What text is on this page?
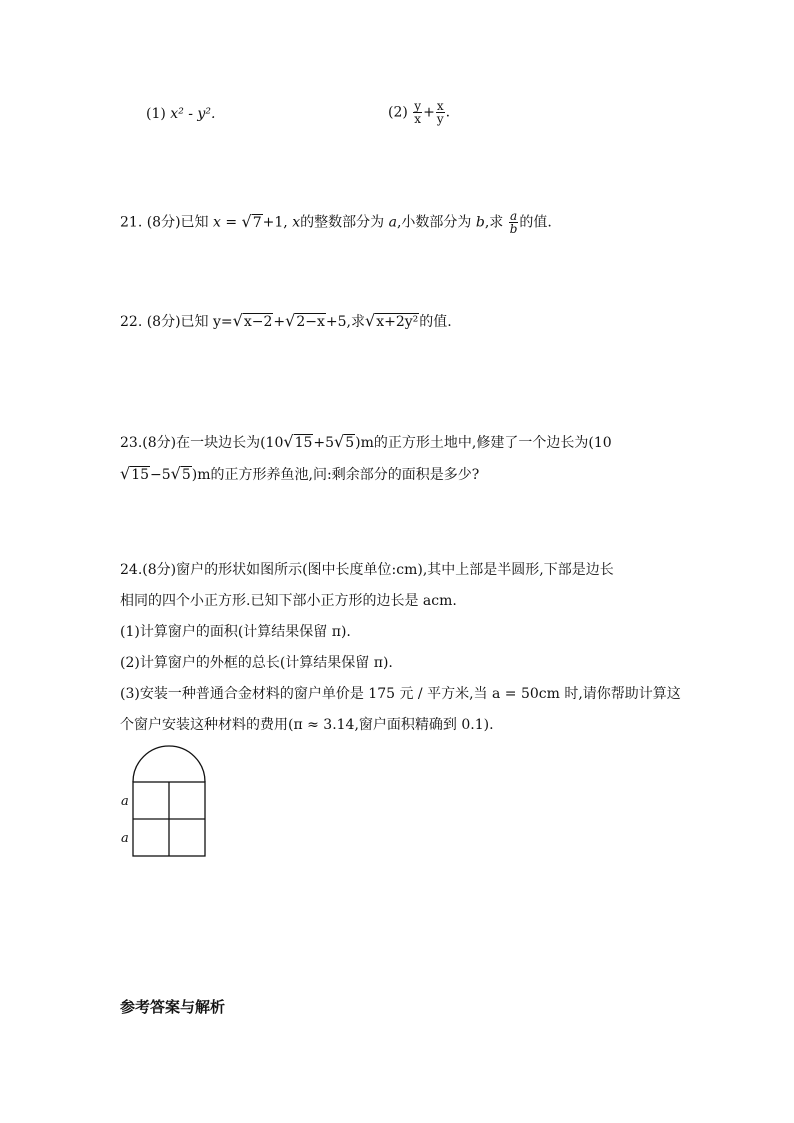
(1) x² - y².	$(2) \frac{y}{x} + \frac{x}{y}$ .
21. (8分)已知 x = √7+1, x的整数部分为 a,小数部分为 b,求 $\frac{a}{b}$ 的值.
22. (8分)已知 y=√x−2+√2−x+5,求√x+2y²的值.
23.(8分)在一块边长为(10√15+5√5)m的正方形土地中,修建了一个边长为(10
√15−5√5)m的正方形养鱼池,问:剩余部分的面积是多少?
24.(8分)窗户的形状如图所示(图中长度单位:cm),其中上部是半圆形,下部是边长
相同的四个小正方形.已知下部小正方形的边长是 acm.
(1)计算窗户的面积(计算结果保留 π).
(2)计算窗户的外框的总长(计算结果保留 π).
(3)安装一种普通合金材料的窗户单价是 175 元 / 平方米,当 a = 50cm 时,请你帮助计算这
个窗户安装这种材料的费用(π ≈ 3.14,窗户面积精确到 0.1).
a
a
参考答案与解析
